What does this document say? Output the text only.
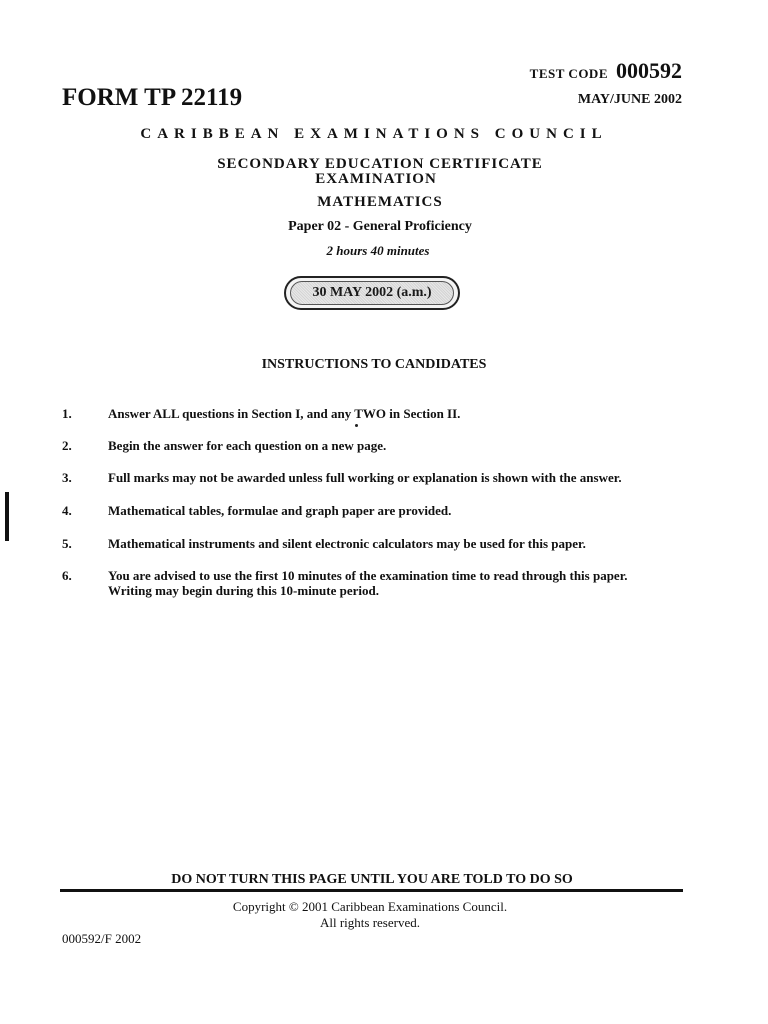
TEST CODE 000592
FORM TP 22119	MAY/JUNE 2002
CARIBBEAN EXAMINATIONS COUNCIL
SECONDARY EDUCATION CERTIFICATE
EXAMINATION
MATHEMATICS
Paper 02 - General Proficiency
2 hours 40 minutes
30 MAY 2002 (a.m.)
INSTRUCTIONS TO CANDIDATES
1.	Answer ALL questions in Section I, and any TWO in Section II.
2.	Begin the answer for each question on a new page.
3.	Full marks may not be awarded unless full working or explanation is shown with the answer.
4.	Mathematical tables, formulae and graph paper are provided.
5.	Mathematical instruments and silent electronic calculators may be used for this paper.
6.	You are advised to use the first 10 minutes of the examination time to read through this paper.
Writing may begin during this 10-minute period.
DO NOT TURN THIS PAGE UNTIL YOU ARE TOLD TO DO SO
Copyright © 2001 Caribbean Examinations Council.
All rights reserved.
000592/F 2002
